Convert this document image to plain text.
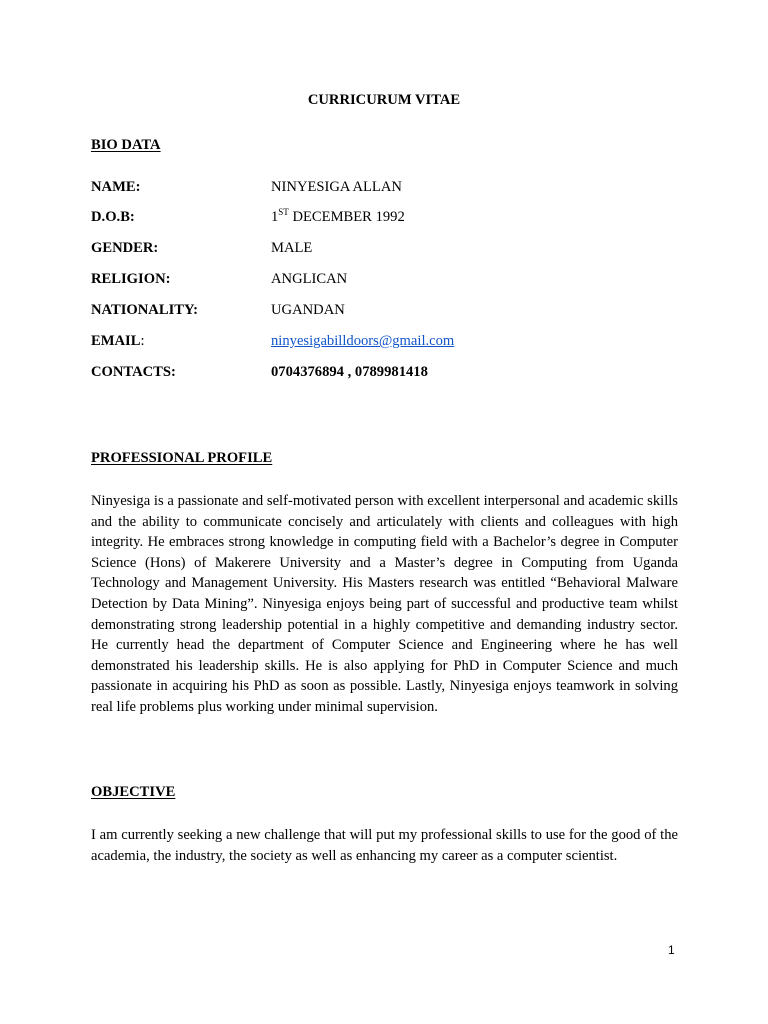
CURRICURUM VITAE
BIO DATA
NAME:	NINYESIGA ALLAN
D.O.B:	1ST DECEMBER 1992
GENDER:	MALE
RELIGION:	ANGLICAN
NATIONALITY:	UGANDAN
EMAIL:	ninyesigabilldoors@gmail.com
CONTACTS:	0704376894 , 0789981418
PROFESSIONAL PROFILE

Ninyesiga is a passionate and self-motivated person with excellent interpersonal and academic skills and the ability to communicate concisely and articulately with clients and colleagues with high integrity. He embraces strong knowledge in computing field with a Bachelor’s degree in Computer Science (Hons) of Makerere University and a Master’s degree in Computing from Uganda Technology and Management University. His Masters research was entitled “Behavioral Malware Detection by Data Mining”. Ninyesiga enjoys being part of successful and productive team whilst demonstrating strong leadership potential in a highly competitive and demanding industry sector. He currently head the department of Computer Science and Engineering where he has well demonstrated his leadership skills. He is also applying for PhD in Computer Science and much passionate in acquiring his PhD as soon as possible. Lastly, Ninyesiga enjoys teamwork in solving real life problems plus working under minimal supervision.

OBJECTIVE

I am currently seeking a new challenge that will put my professional skills to use for the good of the academia, the industry, the society as well as enhancing my career as a computer scientist.

1
